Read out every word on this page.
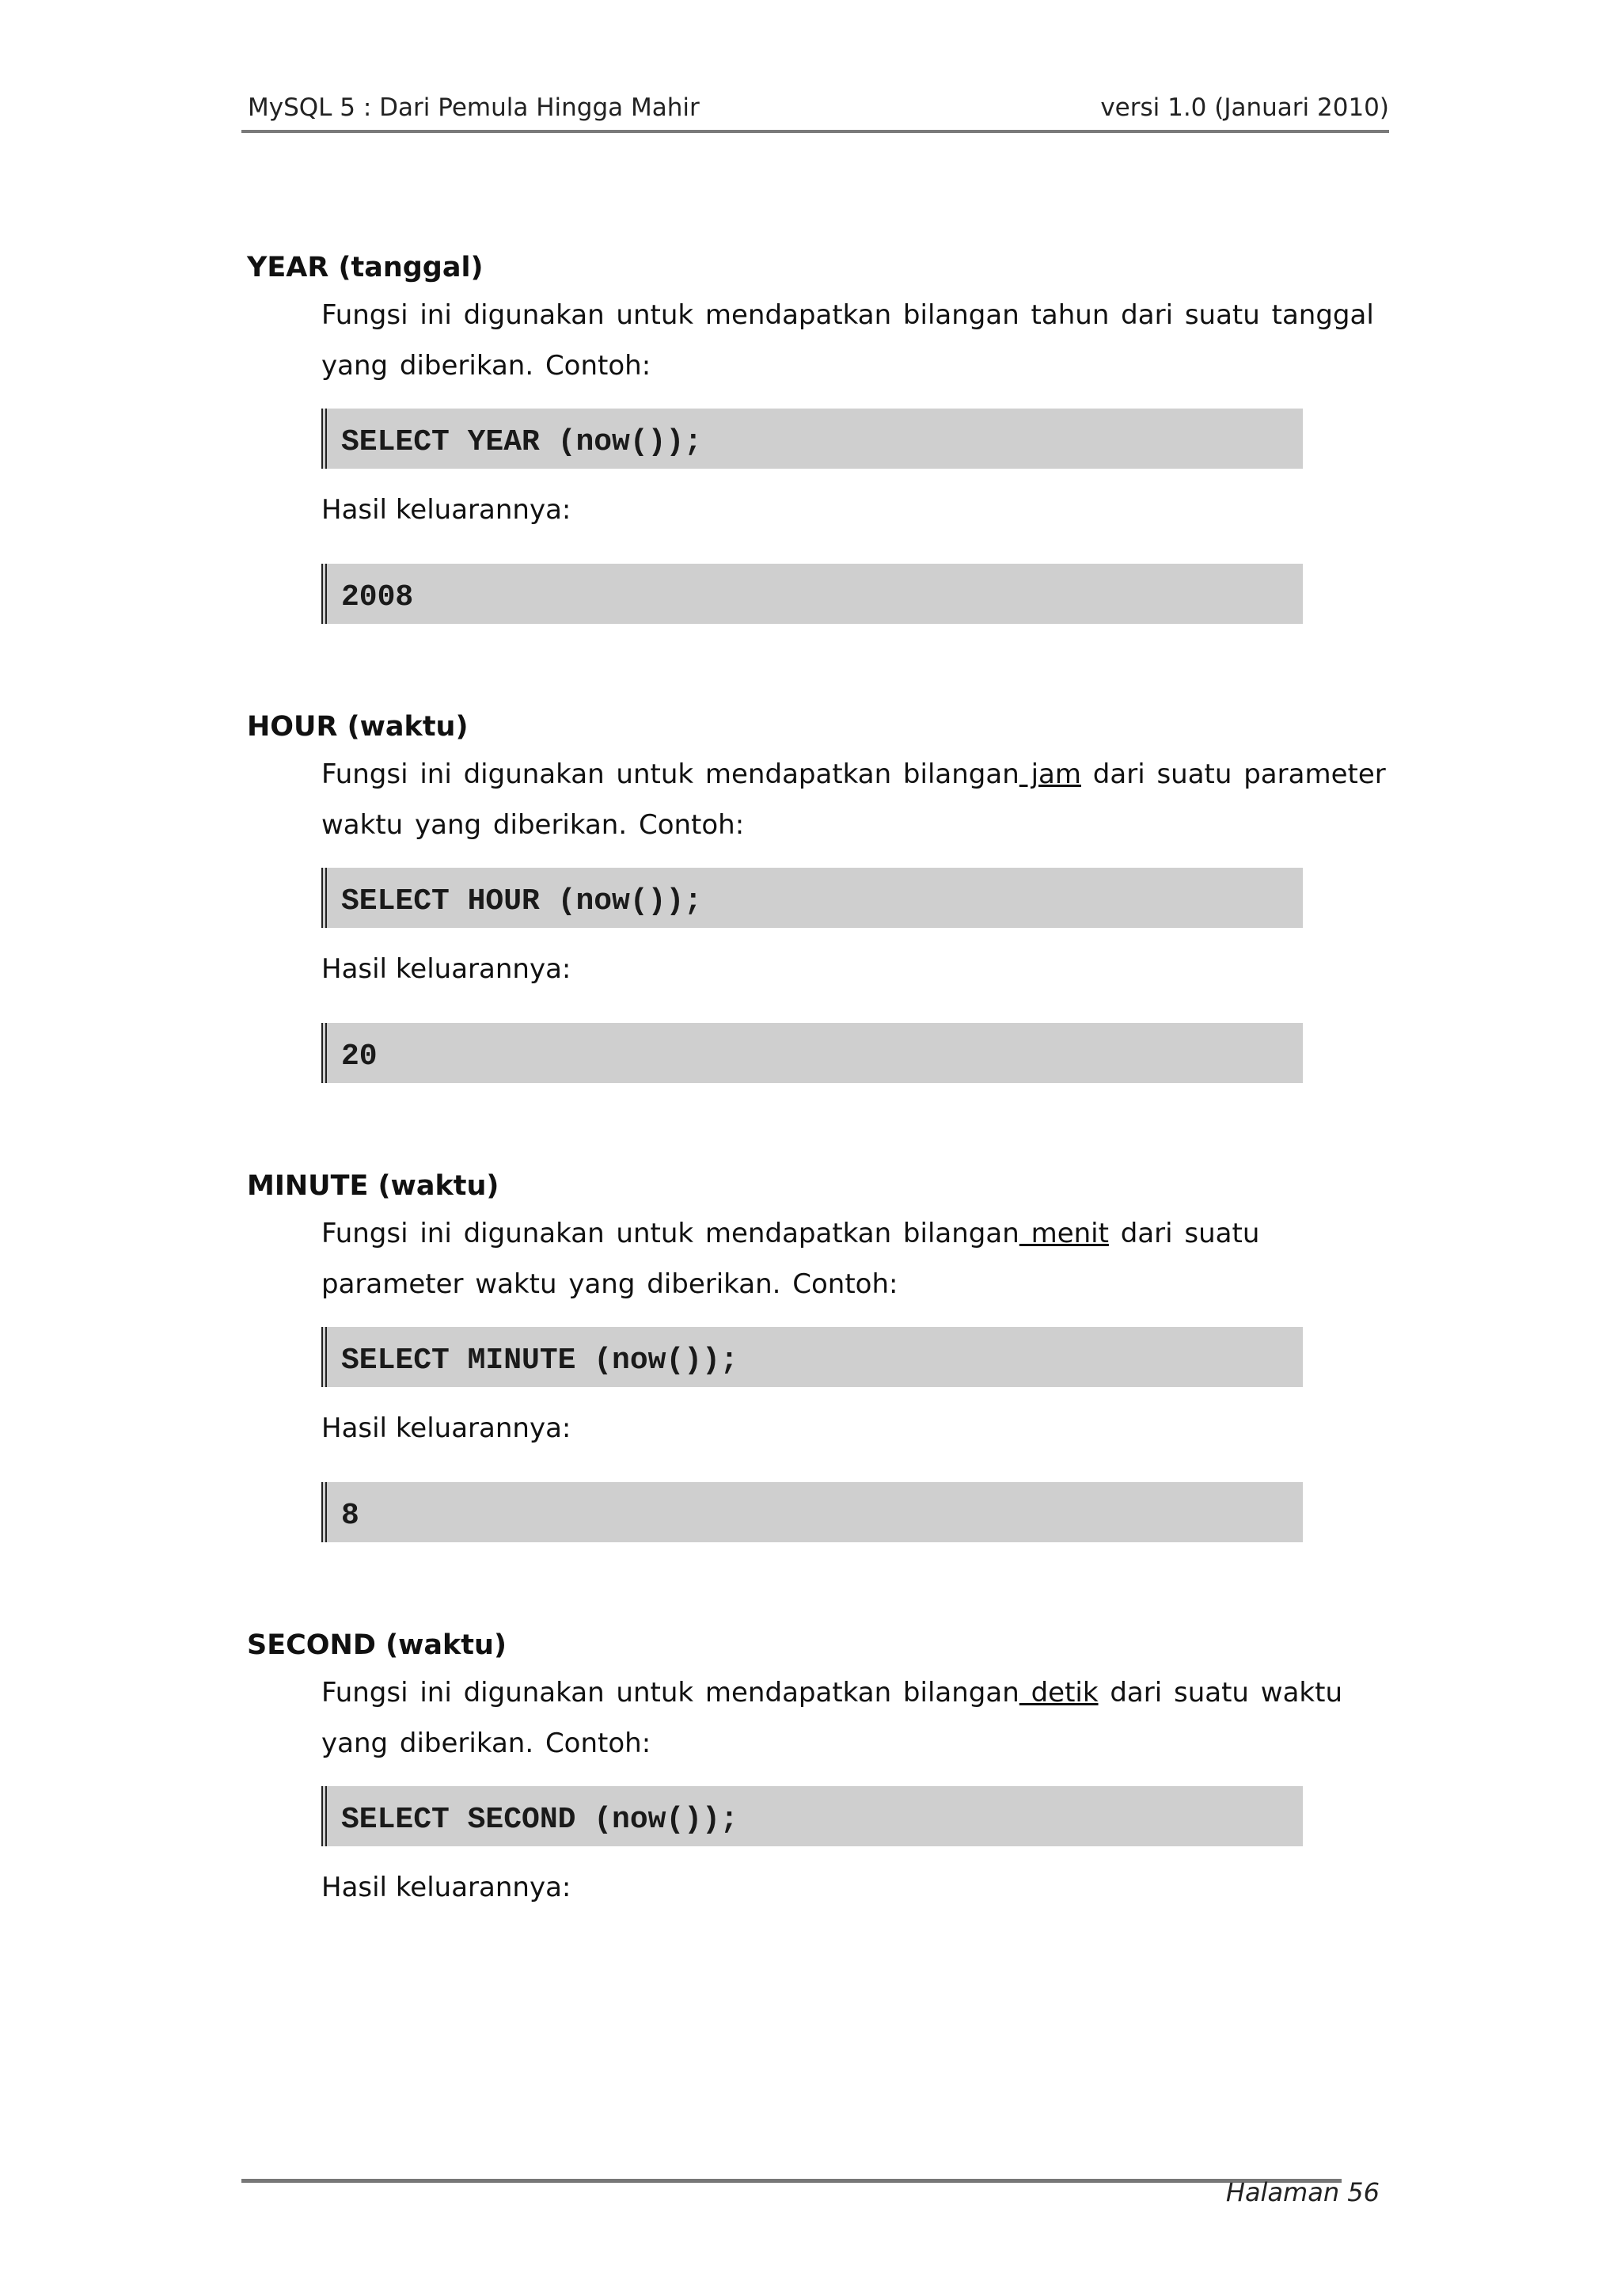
MySQL 5 : Dari Pemula Hingga Mahir	versi 1.0 (Januari 2010)
YEAR (tanggal)

Fungsi ini digunakan untuk mendapatkan bilangan tahun dari suatu tanggal
yang diberikan. Contoh:

SELECT YEAR (now());

Hasil keluarannya:

2008
HOUR (waktu)

Fungsi ini digunakan untuk mendapatkan bilangan jam dari suatu parameter
waktu yang diberikan. Contoh:

SELECT HOUR (now());

Hasil keluarannya:

20
MINUTE (waktu)

Fungsi ini digunakan untuk mendapatkan bilangan menit dari suatu
parameter waktu yang diberikan. Contoh:

SELECT MINUTE (now());

Hasil keluarannya:

8
SECOND (waktu)

Fungsi ini digunakan untuk mendapatkan bilangan detik dari suatu waktu
yang diberikan. Contoh:

SELECT SECOND (now());

Hasil keluarannya:

Halaman 56
